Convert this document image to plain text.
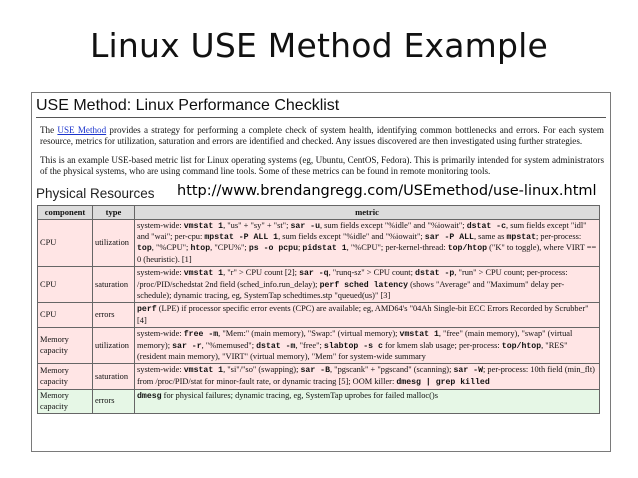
Linux USE Method Example
USE Method: Linux Performance Checklist

The USE Method provides a strategy for performing a complete check of system health, identifying common bottlenecks and errors. For each system resource, metrics for utilization, saturation and errors are identified and checked. Any issues discovered are then investigated using further strategies.

This is an example USE-based metric list for Linux operating systems (eg, Ubuntu, CentOS, Fedora). This is primarily intended for system administrators of the physical systems, who are using command line tools. Some of these metrics can be found in remote monitoring tools.

Physical Resources http://www.brendangregg.com/USEmethod/use-linux.html
component	type	metric
CPU	utilization	system-wide: vmstat 1, "us" + "sy" + "st"; sar -u, sum fields except "%idle" and "%iowait"; dstat -c, sum fields except "idl" and "wai"; per-cpu: mpstat -P ALL 1, sum fields except "%idle" and "%iowait"; sar -P ALL, same as mpstat; per-process: top, "%CPU"; htop, "CPU%"; ps -o pcpu; pidstat 1, "%CPU"; per-kernel-thread: top/htop ("K" to toggle), where VIRT == 0 (heuristic). [1]
CPU	saturation	system-wide: vmstat 1, "r" > CPU count [2]; sar -q, "runq-sz" > CPU count; dstat -p, "run" > CPU count; per-process: /proc/PID/schedstat 2nd field (sched_info.run_delay); perf sched latency (shows "Average" and "Maximum" delay per-schedule); dynamic tracing, eg, SystemTap schedtimes.stp "queued(us)" [3]
CPU	errors	perf (LPE) if processor specific error events (CPC) are available; eg, AMD64's "04Ah Single-bit ECC Errors Recorded by Scrubber" [4]
Memory capacity	utilization	system-wide: free -m, "Mem:" (main memory), "Swap:" (virtual memory); vmstat 1, "free" (main memory), "swap" (virtual memory); sar -r, "%memused"; dstat -m, "free"; slabtop -s c for kmem slab usage; per-process: top/htop, "RES" (resident main memory), "VIRT" (virtual memory), "Mem" for system-wide summary
Memory capacity	saturation	system-wide: vmstat 1, "si"/"so" (swapping); sar -B, "pgscank" + "pgscand" (scanning); sar -W; per-process: 10th field (min_flt) from /proc/PID/stat for minor-fault rate, or dynamic tracing [5]; OOM killer: dmesg | grep killed
Memory capacity	errors	dmesg for physical failures; dynamic tracing, eg, SystemTap uprobes for failed malloc()s
